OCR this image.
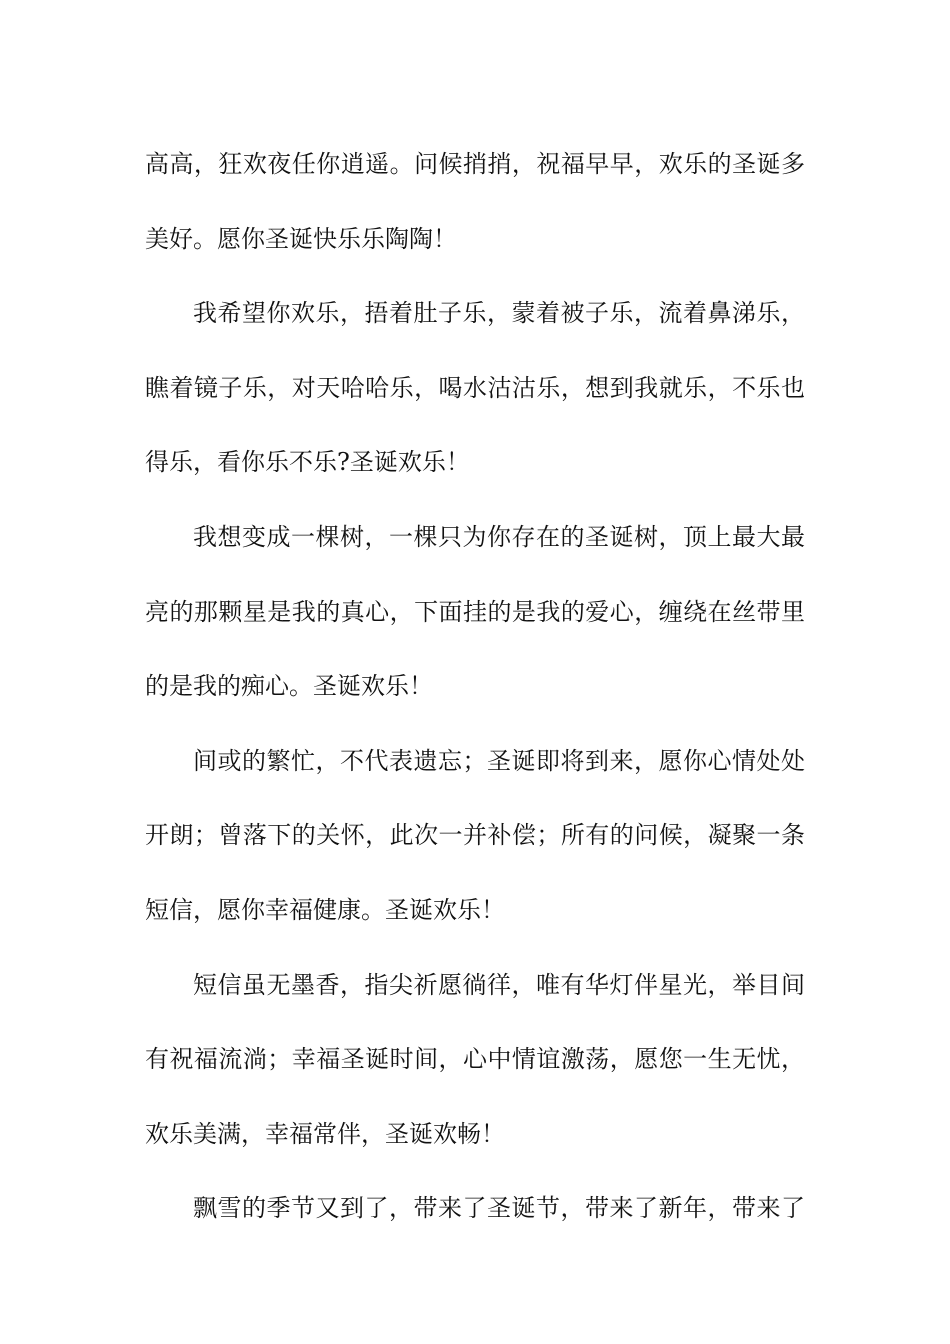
高高，狂欢夜任你逍遥。问候捎捎，祝福早早，欢乐的圣诞多
美好。愿你圣诞快乐乐陶陶！
我希望你欢乐，捂着肚子乐，蒙着被子乐，流着鼻涕乐，
瞧着镜子乐，对天哈哈乐，喝水沽沽乐，想到我就乐，不乐也
得乐，看你乐不乐?圣诞欢乐！
我想变成一棵树，一棵只为你存在的圣诞树，顶上最大最
亮的那颗星是我的真心，下面挂的是我的爱心，缠绕在丝带里
的是我的痴心。圣诞欢乐！
间或的繁忙，不代表遗忘；圣诞即将到来，愿你心情处处
开朗；曾落下的关怀，此次一并补偿；所有的问候，凝聚一条
短信，愿你幸福健康。圣诞欢乐！
短信虽无墨香，指尖祈愿徜徉，唯有华灯伴星光，举目间
有祝福流淌；幸福圣诞时间，心中情谊激荡，愿您一生无忧，
欢乐美满，幸福常伴，圣诞欢畅！
飘雪的季节又到了，带来了圣诞节，带来了新年，带来了
